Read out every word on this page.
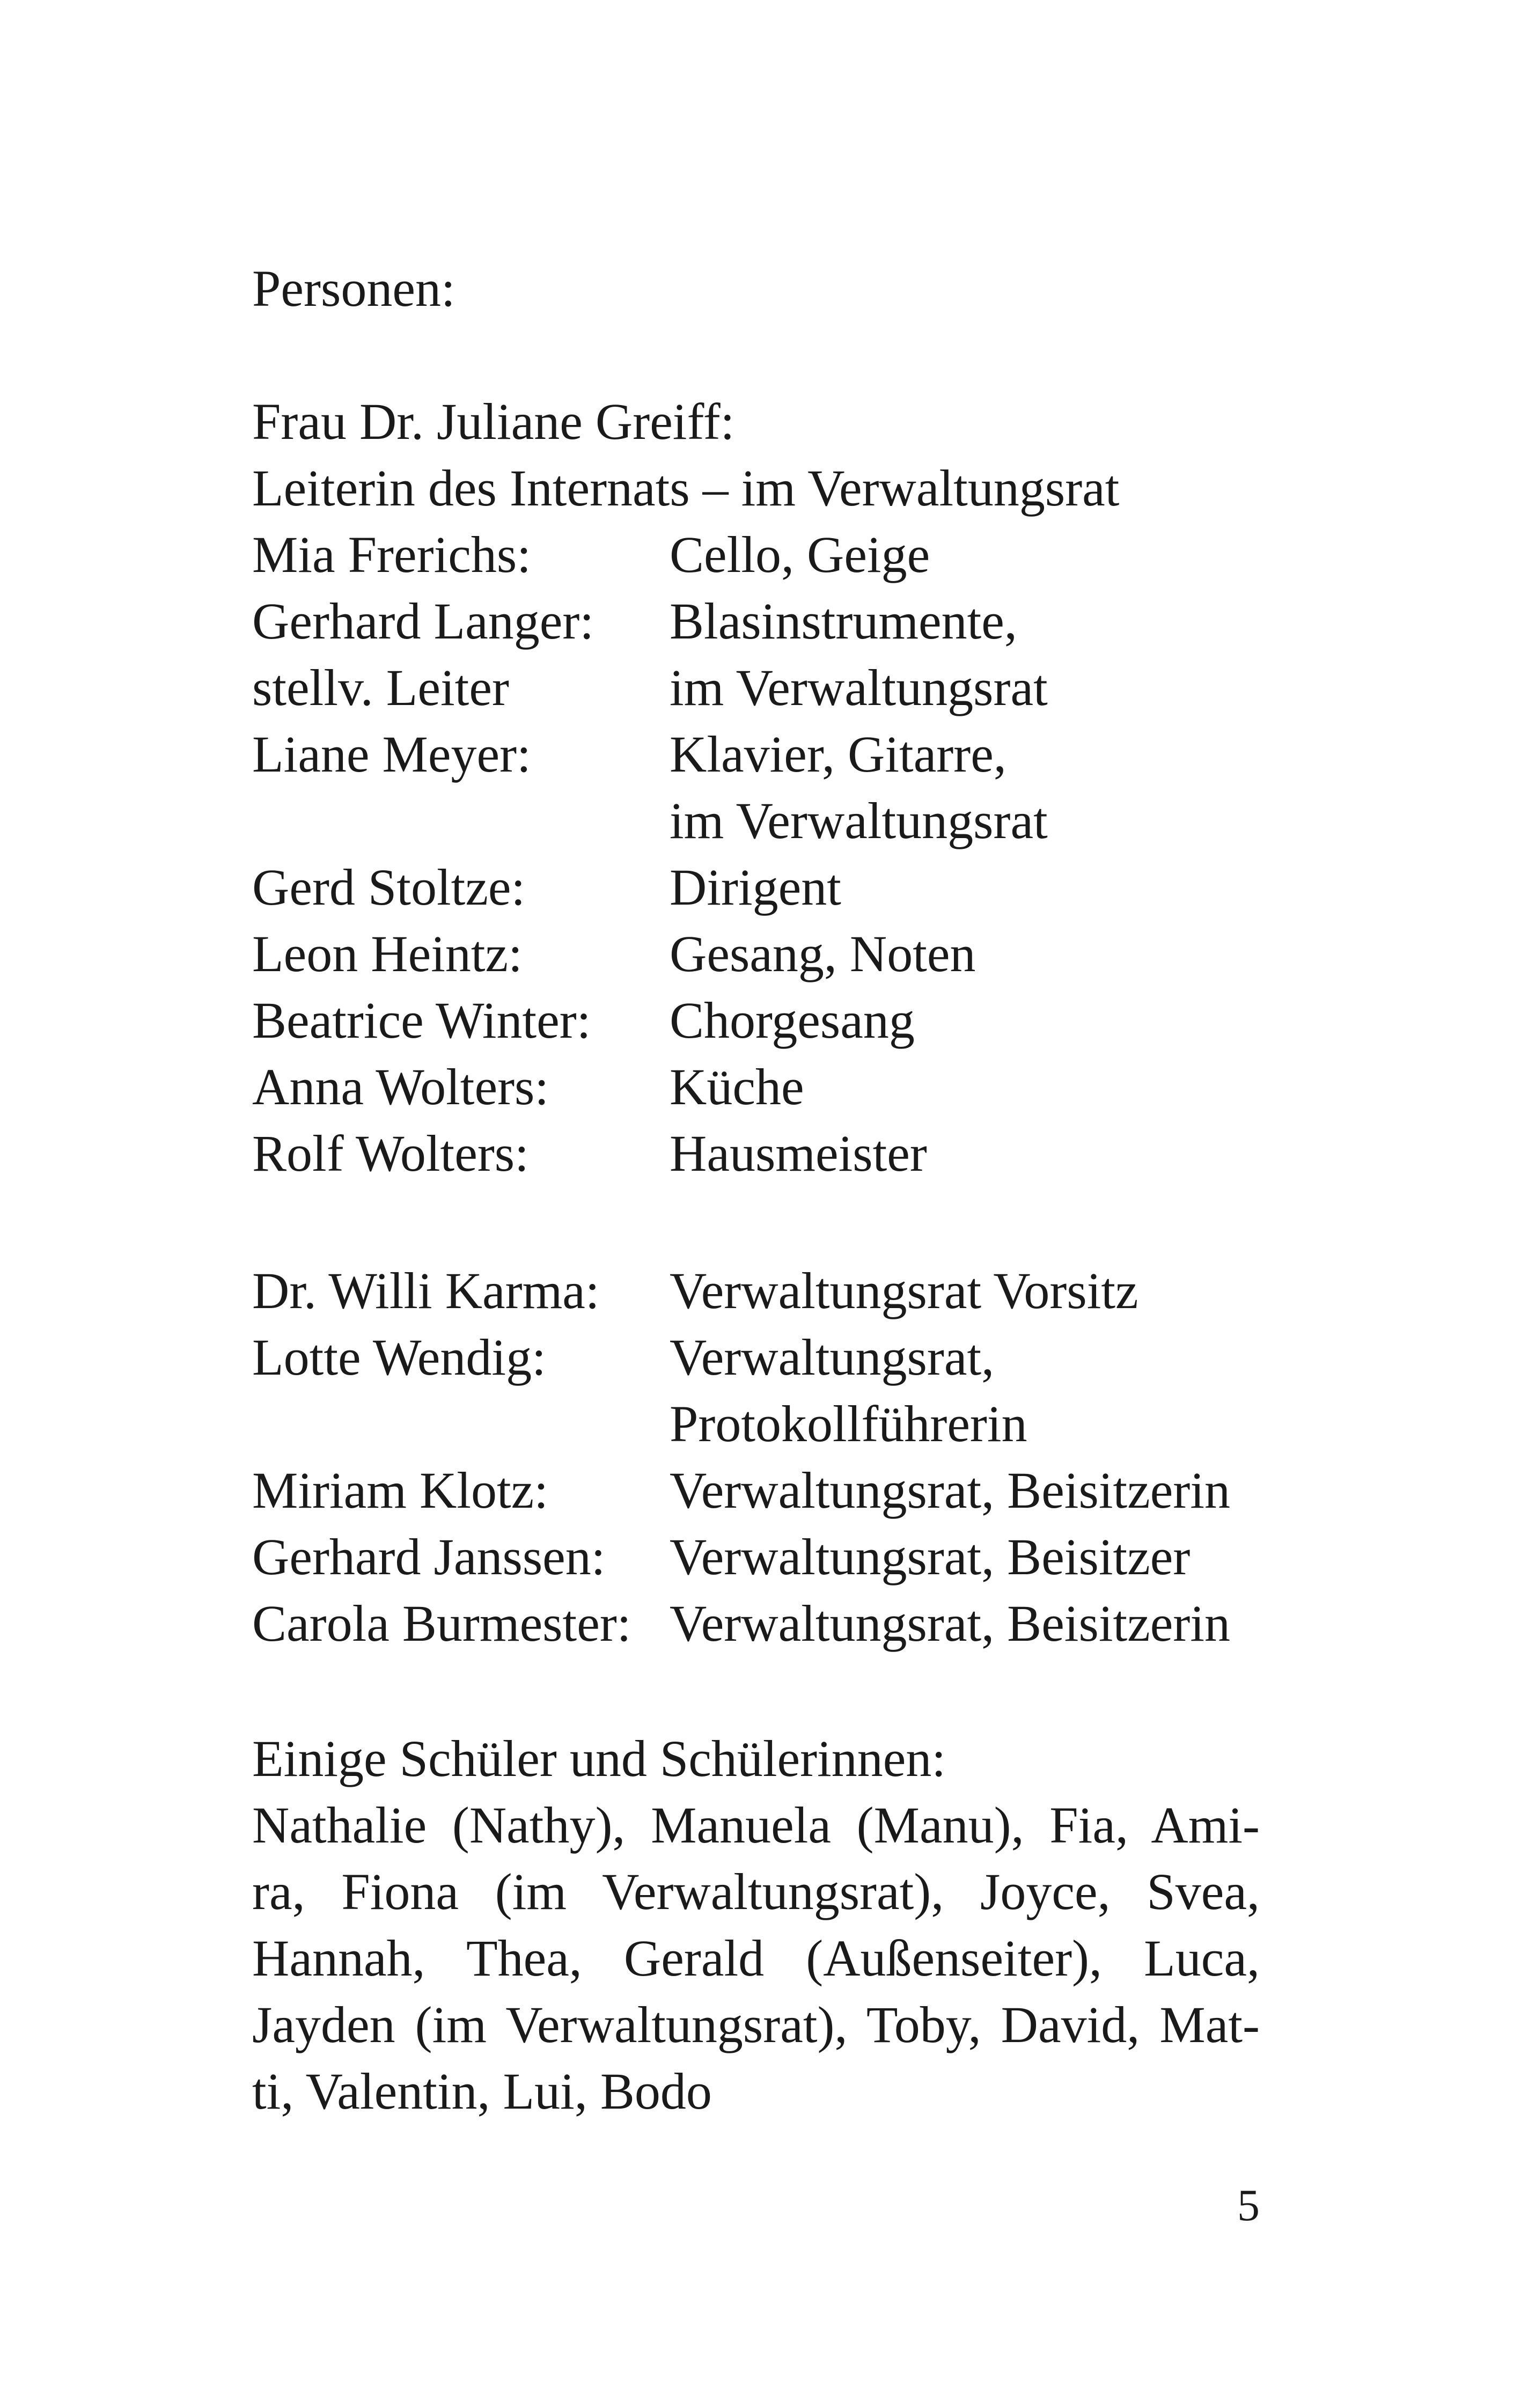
Personen:
Frau Dr. Juliane Greiff:
Leiterin des Internats – im Verwaltungsrat
Mia Frerichs:	Cello, Geige
Gerhard Langer:	Blasinstrumente,
stellv. Leiter	im Verwaltungsrat
Liane Meyer:	Klavier, Gitarre,
im Verwaltungsrat
Gerd Stoltze:	Dirigent
Leon Heintz:	Gesang, Noten
Beatrice Winter:	Chorgesang
Anna Wolters:	Küche
Rolf Wolters:	Hausmeister
Dr. Willi Karma:	Verwaltungsrat Vorsitz
Lotte Wendig:	Verwaltungsrat,
Protokollführerin
Miriam Klotz:	Verwaltungsrat, Beisitzerin
Gerhard Janssen:	Verwaltungsrat, Beisitzer
Carola Burmester: Verwaltungsrat, Beisitzerin
Einige Schüler und Schülerinnen:
Nathalie (Nathy), Manuela (Manu), Fia, Ami-
ra, Fiona (im Verwaltungsrat), Joyce, Svea,
Hannah, Thea, Gerald (Außenseiter), Luca,
Jayden (im Verwaltungsrat), Toby, David, Mat-
ti, Valentin, Lui, Bodo
5
